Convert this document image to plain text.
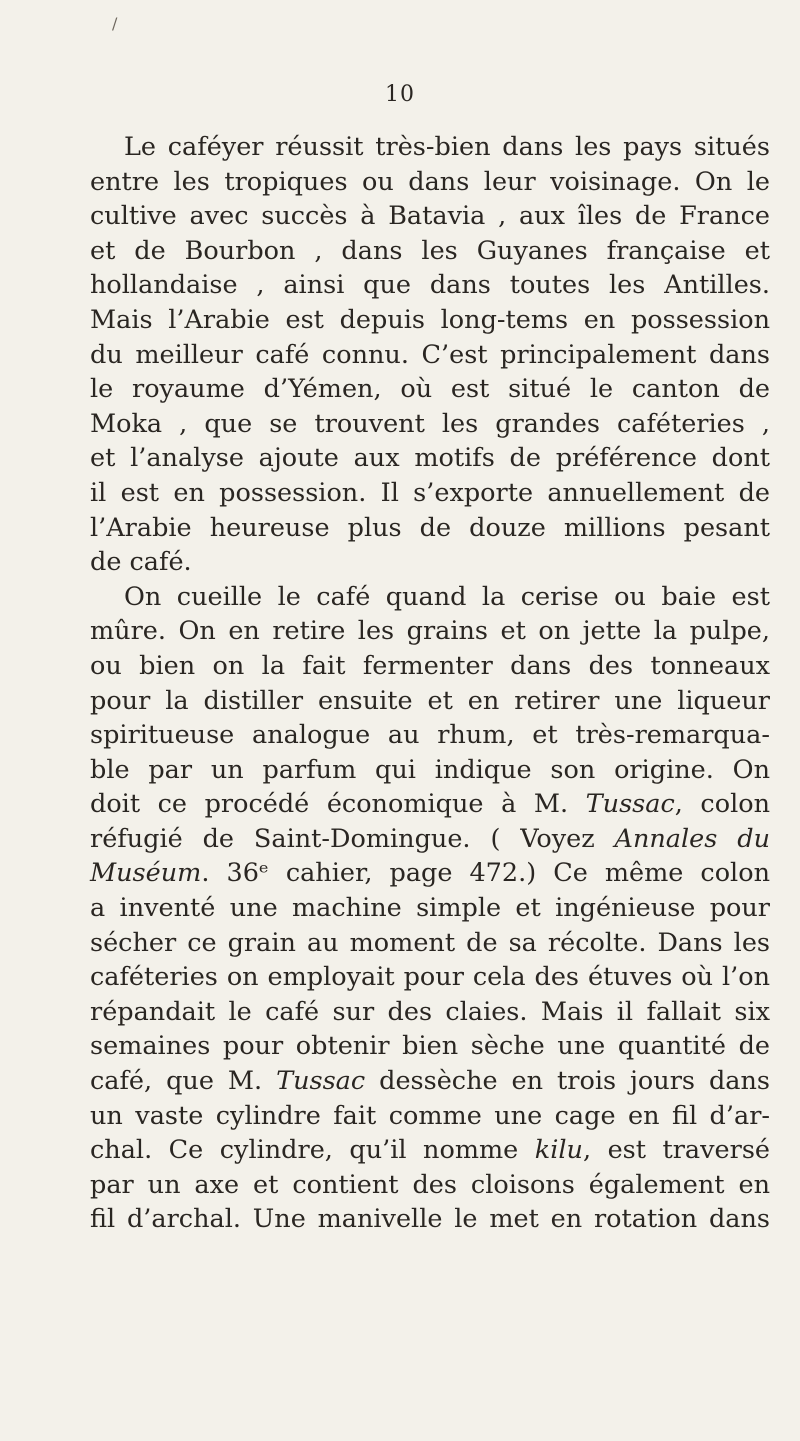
/
10
Le caféyer réussit très-bien dans les pays situés
entre les tropiques ou dans leur voisinage. On le
cultive avec succès à Batavia , aux îles de France
et de Bourbon , dans les Guyanes française et
hollandaise , ainsi que dans toutes les Antilles.
Mais l’Arabie est depuis long-tems en possession
du meilleur café connu. C’est principalement dans
le royaume d’Yémen, où est situé le canton de
Moka , que se trouvent les grandes caféteries ,
et l’analyse ajoute aux motifs de préférence dont
il est en possession. Il s’exporte annuellement de
l’Arabie heureuse plus de douze millions pesant
de café.
On cueille le café quand la cerise ou baie est
mûre. On en retire les grains et on jette la pulpe,
ou bien on la fait fermenter dans des tonneaux
pour la distiller ensuite et en retirer une liqueur
spiritueuse analogue au rhum, et très-remarqua-
ble par un parfum qui indique son origine. On
doit ce procédé économique à M. Tussac, colon
réfugié de Saint-Domingue. ( Voyez Annales du
Muséum. 36ᵉ cahier, page 472.) Ce même colon
a inventé une machine simple et ingénieuse pour
sécher ce grain au moment de sa récolte. Dans les
caféteries on employait pour cela des étuves où l’on
répandait le café sur des claies. Mais il fallait six
semaines pour obtenir bien sèche une quantité de
café, que M. Tussac dessèche en trois jours dans
un vaste cylindre fait comme une cage en fil d’ar-
chal. Ce cylindre, qu’il nomme kilu, est traversé
par un axe et contient des cloisons également en
fil d’archal. Une manivelle le met en rotation dans
